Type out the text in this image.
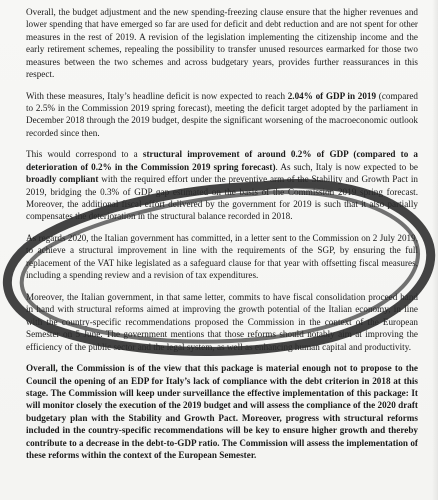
Overall, the budget adjustment and the new spending-freezing clause ensure that the higher revenues and lower spending that have emerged so far are used for deficit and debt reduction and are not spent for other measures in the rest of 2019. A revision of the legislation implementing the citizenship income and the early retirement schemes, repealing the possibility to transfer unused resources earmarked for those two measures between the two schemes and across budgetary years, provides further reassurances in this respect.

With these measures, Italy’s headline deficit is now expected to reach 2.04% of GDP in 2019 (compared to 2.5% in the Commission 2019 spring forecast), meeting the deficit target adopted by the parliament in December 2018 through the 2019 budget, despite the significant worsening of the macroeconomic outlook recorded since then.

This would correspond to a structural improvement of around 0.2% of GDP (compared to a deterioration of 0.2% in the Commission 2019 spring forecast). As such, Italy is now expected to be broadly compliant with the required effort under the preventive arm of the Stability and Growth Pact in 2019, bridging the 0.3% of GDP gap estimated on the basis of the Commission 2019 spring forecast. Moreover, the additional fiscal effort delivered by the government for 2019 is such that it also partially compensates the deterioration in the structural balance recorded in 2018.

As regards 2020, the Italian government has committed, in a letter sent to the Commission on 2 July 2019, to achieve a structural improvement in line with the requirements of the SGP, by ensuring the full replacement of the VAT hike legislated as a safeguard clause for that year with offsetting fiscal measures, including a spending review and a revision of tax expenditures.

Moreover, the Italian government, in that same letter, commits to have fiscal consolidation proceed hand in hand with structural reforms aimed at improving the growth potential of the Italian economy, in line with the country-specific recommendations proposed the Commission in the context of the European Semester on 5 June. The government mentions that those reforms should notably aim at improving the efficiency of the public sector and the legal system, as well as enhancing human capital and productivity.

Overall, the Commission is of the view that this package is material enough not to propose to the Council the opening of an EDP for Italy’s lack of compliance with the debt criterion in 2018 at this stage. The Commission will keep under surveillance the effective implementation of this package: It will monitor closely the execution of the 2019 budget and will assess the compliance of the 2020 draft budgetary plan with the Stability and Growth Pact. Moreover, progress with structural reforms included in the country-specific recommendations will be key to ensure higher growth and thereby contribute to a decrease in the debt-to-GDP ratio. The Commission will assess the implementation of these reforms within the context of the European Semester.
